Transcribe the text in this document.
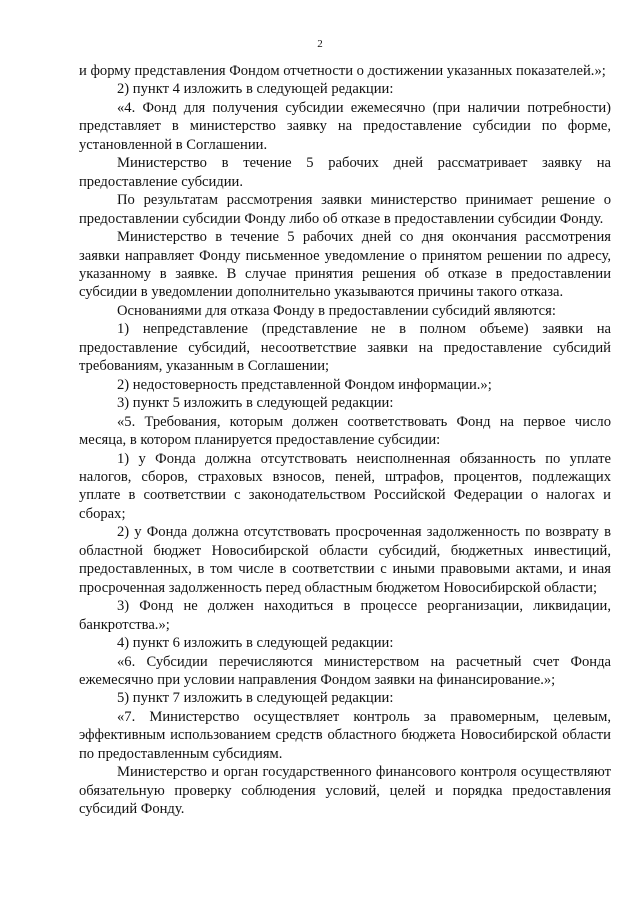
2

и форму представления Фондом отчетности о достижении указанных показателей.»;

2) пункт 4 изложить в следующей редакции:

«4. Фонд для получения субсидии ежемесячно (при наличии потребности) представляет в министерство заявку на предоставление субсидии по форме, установленной в Соглашении.

Министерство в течение 5 рабочих дней рассматривает заявку на предоставление субсидии.

По результатам рассмотрения заявки министерство принимает решение о предоставлении субсидии Фонду либо об отказе в предоставлении субсидии Фонду.

Министерство в течение 5 рабочих дней со дня окончания рассмотрения заявки направляет Фонду письменное уведомление о принятом решении по адресу, указанному в заявке. В случае принятия решения об отказе в предоставлении субсидии в уведомлении дополнительно указываются причины такого отказа.

Основаниями для отказа Фонду в предоставлении субсидий являются:

1) непредставление (представление не в полном объеме) заявки на предоставление субсидий, несоответствие заявки на предоставление субсидий требованиям, указанным в Соглашении;

2) недостоверность представленной Фондом информации.»;

3) пункт 5 изложить в следующей редакции:

«5. Требования, которым должен соответствовать Фонд на первое число месяца, в котором планируется предоставление субсидии:

1) у Фонда должна отсутствовать неисполненная обязанность по уплате налогов, сборов, страховых взносов, пеней, штрафов, процентов, подлежащих уплате в соответствии с законодательством Российской Федерации о налогах и сборах;

2) у Фонда должна отсутствовать просроченная задолженность по возврату в областной бюджет Новосибирской области субсидий, бюджетных инвестиций, предоставленных, в том числе в соответствии с иными правовыми актами, и иная просроченная задолженность перед областным бюджетом Новосибирской области;

3) Фонд не должен находиться в процессе реорганизации, ликвидации, банкротства.»;

4) пункт 6 изложить в следующей редакции:

«6. Субсидии перечисляются министерством на расчетный счет Фонда ежемесячно при условии направления Фондом заявки на финансирование.»;

5) пункт 7 изложить в следующей редакции:

«7. Министерство осуществляет контроль за правомерным, целевым, эффективным использованием средств областного бюджета Новосибирской области по предоставленным субсидиям.

Министерство и орган государственного финансового контроля осуществляют обязательную проверку соблюдения условий, целей и порядка предоставления субсидий Фонду.
